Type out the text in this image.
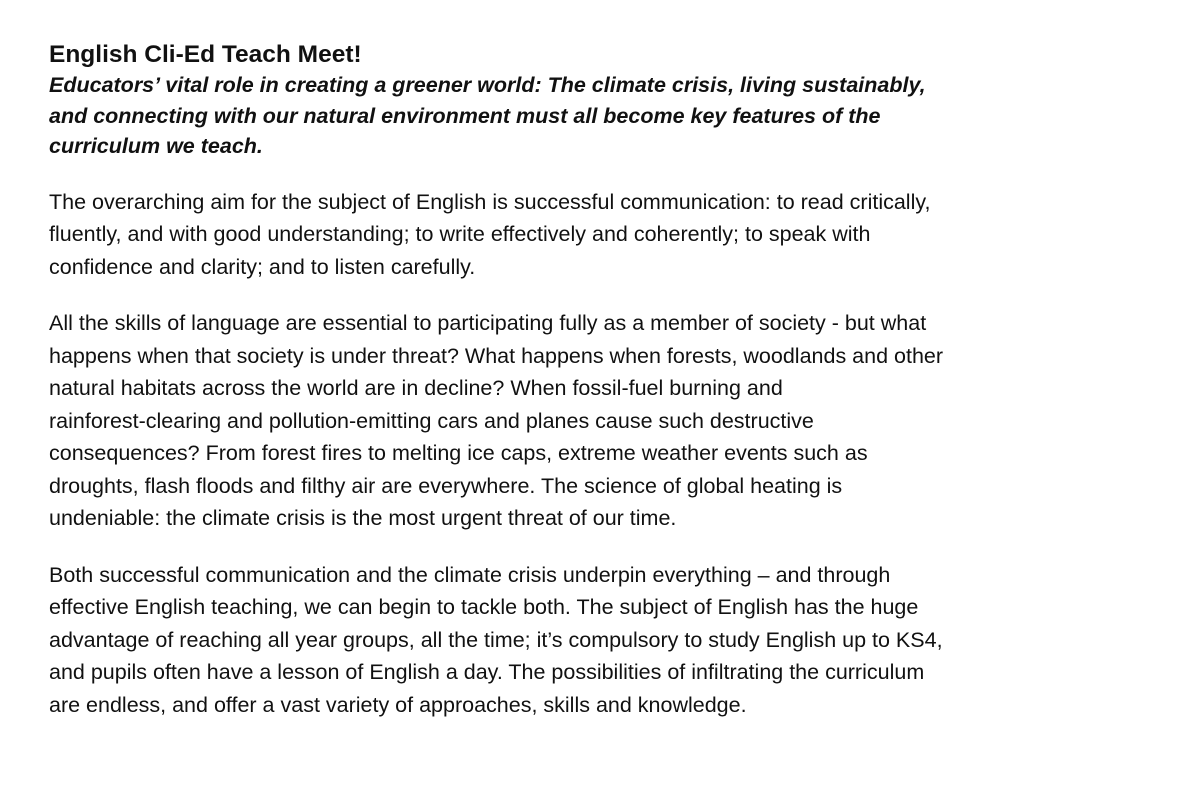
English Cli-Ed Teach Meet!

Educators’ vital role in creating a greener world: The climate crisis, living sustainably,
and connecting with our natural environment must all become key features of the
curriculum we teach.

The overarching aim for the subject of English is successful communication: to read critically,
fluently, and with good understanding; to write effectively and coherently; to speak with
confidence and clarity; and to listen carefully.

All the skills of language are essential to participating fully as a member of society - but what
happens when that society is under threat? What happens when forests, woodlands and other
natural habitats across the world are in decline? When fossil-fuel burning and
rainforest-clearing and pollution-emitting cars and planes cause such destructive
consequences? From forest fires to melting ice caps, extreme weather events such as
droughts, flash floods and filthy air are everywhere. The science of global heating is
undeniable: the climate crisis is the most urgent threat of our time.

Both successful communication and the climate crisis underpin everything – and through
effective English teaching, we can begin to tackle both. The subject of English has the huge
advantage of reaching all year groups, all the time; it’s compulsory to study English up to KS4,
and pupils often have a lesson of English a day. The possibilities of infiltrating the curriculum
are endless, and offer a vast variety of approaches, skills and knowledge.
